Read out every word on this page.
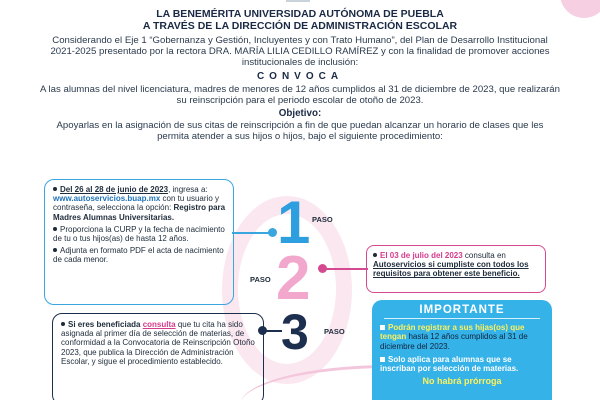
LA BENEMÉRITA UNIVERSIDAD AUTÓNOMA DE PUEBLA
A TRAVÉS DE LA DIRECCIÓN DE ADMINISTRACIÓN ESCOLAR
Considerando el Eje 1 “Gobernanza y Gestión, Incluyentes y con Trato Humano”, del Plan de Desarrollo Institucional 2021-2025 presentado por la rectora DRA. MARÍA LILIA CEDILLO RAMÍREZ y con la finalidad de promover acciones institucionales de inclusión:
CONVOCA
A las alumnas del nivel licenciatura, madres de menores de 12 años cumplidos al 31 de diciembre de 2023, que realizarán su reinscripción para el periodo escolar de otoño de 2023.
Objetivo:
Apoyarlas en la asignación de sus citas de reinscripción a fin de que puedan alcanzar un horario de clases que les permita atender a sus hijos o hijos, bajo el siguiente procedimiento:
1 PASO
2
PASO
3 PASO

Del 26 al 28 de junio de 2023, ingresa a: www.autoservicios.buap.mx con tu usuario y contraseña, selecciona la opción: Registro para Madres Alumnas Universitarias.

Proporciona la CURP y la fecha de nacimiento de tu o tus hijos(as) de hasta 12 años.

Adjunta en formato PDF el acta de nacimiento de cada menor.	El 03 de julio del 2023 consulta en Autoservicios si cumpliste con todos los requisitos para obtener este beneficio.
Si eres beneficiada consulta que tu cita ha sido asignada al primer día de selección de materias, de conformidad a la Convocatoria de Reinscripción Otoño 2023, que publica la Dirección de Administración Escolar, y sigue el procedimiento establecido.
IMPORTANTE
Podrán registrar a sus hijas(os) que tengan hasta 12 años cumplidos al 31 de diciembre del 2023.
Solo aplica para alumnas que se inscriban por selección de materias.
No habrá prórroga
